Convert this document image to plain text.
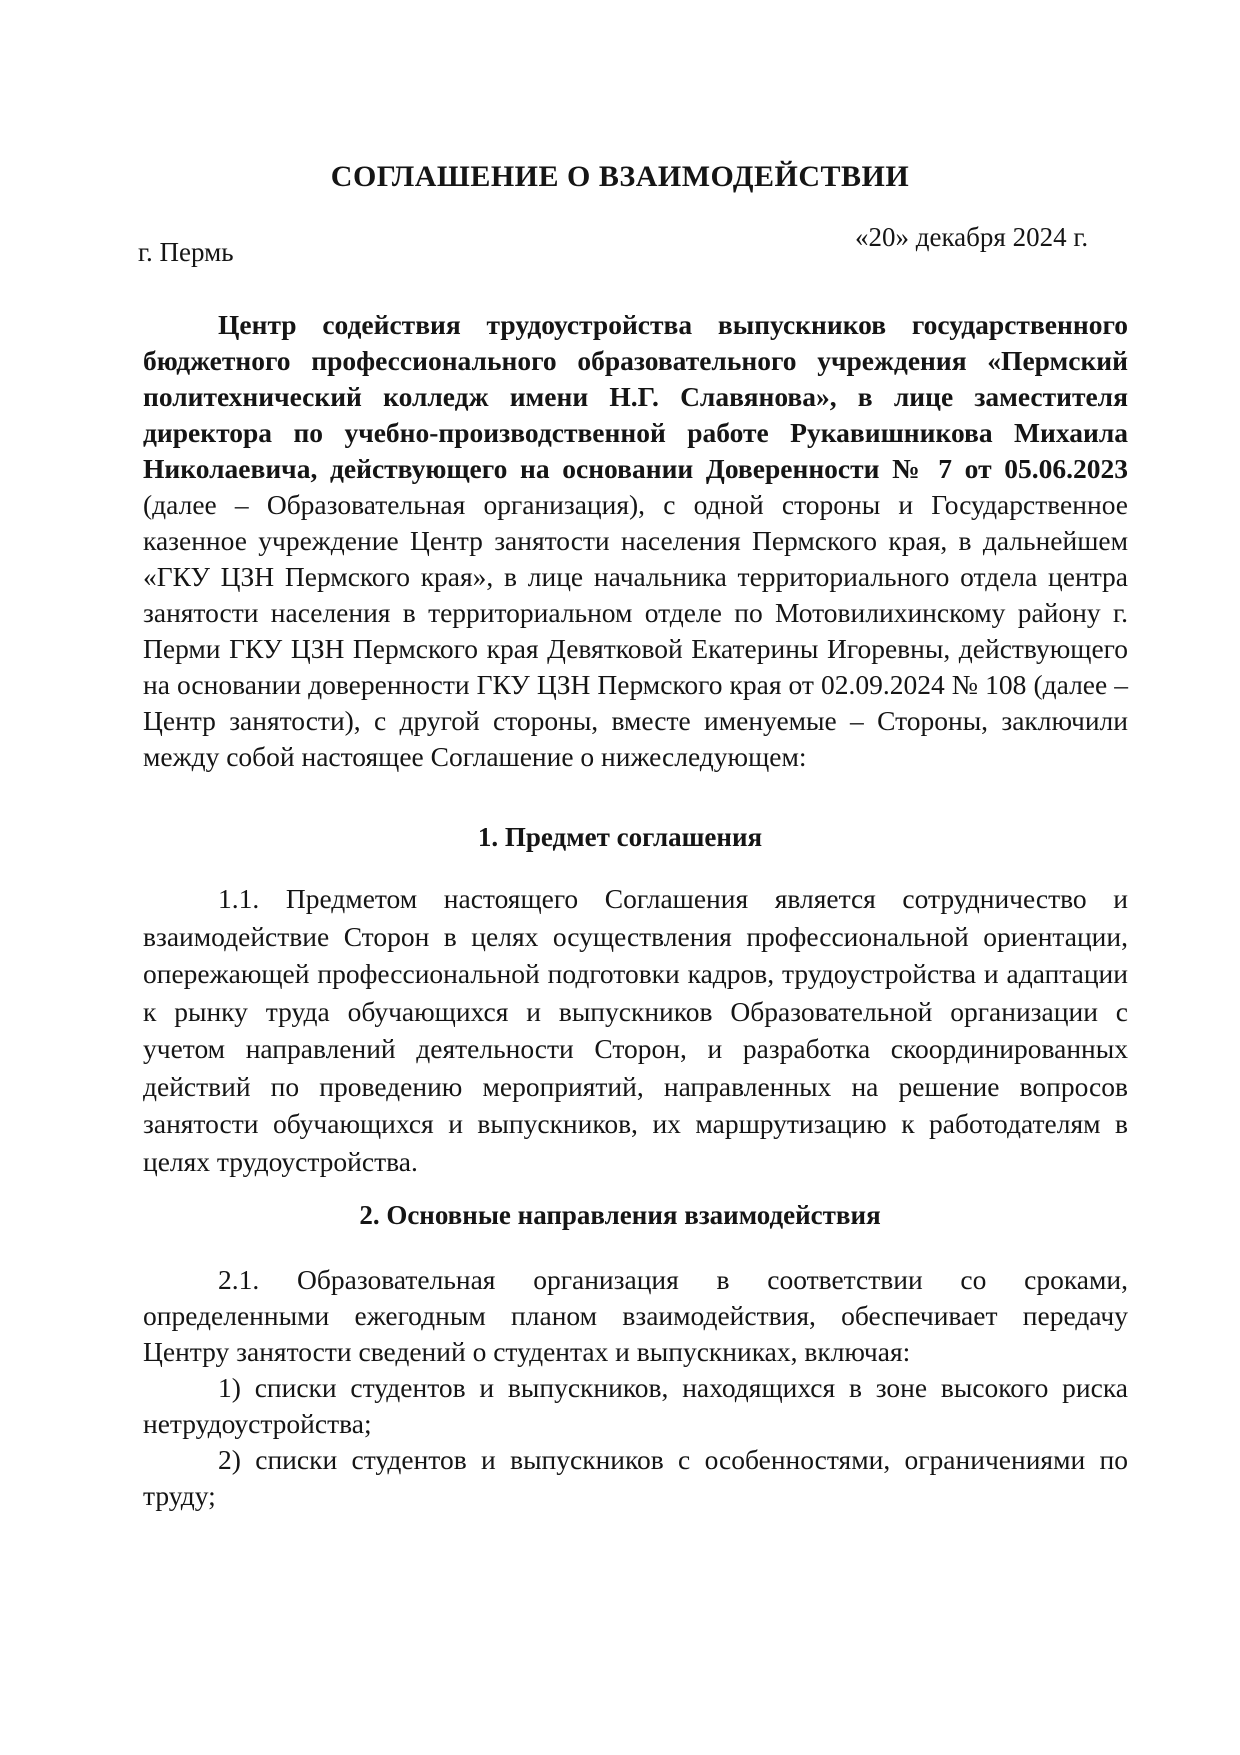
СОГЛАШЕНИЕ О ВЗАИМОДЕЙСТВИИ
г. Пермь	«20» декабря 2024 г.

Центр содействия трудоустройства выпускников государственного бюджетного профессионального образовательного учреждения «Пермский политехнический колледж имени Н.Г. Славянова», в лице заместителя директора по учебно-производственной работе Рукавишникова Михаила Николаевича, действующего на основании Доверенности № 7 от 05.06.2023 (далее – Образовательная организация), с одной стороны и Государственное казенное учреждение Центр занятости населения Пермского края, в дальнейшем «ГКУ ЦЗН Пермского края», в лице начальника территориального отдела центра занятости населения в территориальном отделе по Мотовилихинскому району г. Перми ГКУ ЦЗН Пермского края Девятковой Екатерины Игоревны, действующего на основании доверенности ГКУ ЦЗН Пермского края от 02.09.2024 № 108 (далее – Центр занятости), с другой стороны, вместе именуемые – Стороны, заключили между собой настоящее Соглашение о нижеследующем:

1. Предмет соглашения

1.1. Предметом настоящего Соглашения является сотрудничество и взаимодействие Сторон в целях осуществления профессиональной ориентации, опережающей профессиональной подготовки кадров, трудоустройства и адаптации к рынку труда обучающихся и выпускников Образовательной организации с учетом направлений деятельности Сторон, и разработка скоординированных действий по проведению мероприятий, направленных на решение вопросов занятости обучающихся и выпускников, их маршрутизацию к работодателям в целях трудоустройства.

2. Основные направления взаимодействия
2.1. Образовательная организация в соответствии со сроками, определенными ежегодным планом взаимодействия, обеспечивает передачу Центру занятости сведений о студентах и выпускниках, включая:
1) списки студентов и выпускников, находящихся в зоне высокого риска нетрудоустройства;
2) списки студентов и выпускников с особенностями, ограничениями по труду;
